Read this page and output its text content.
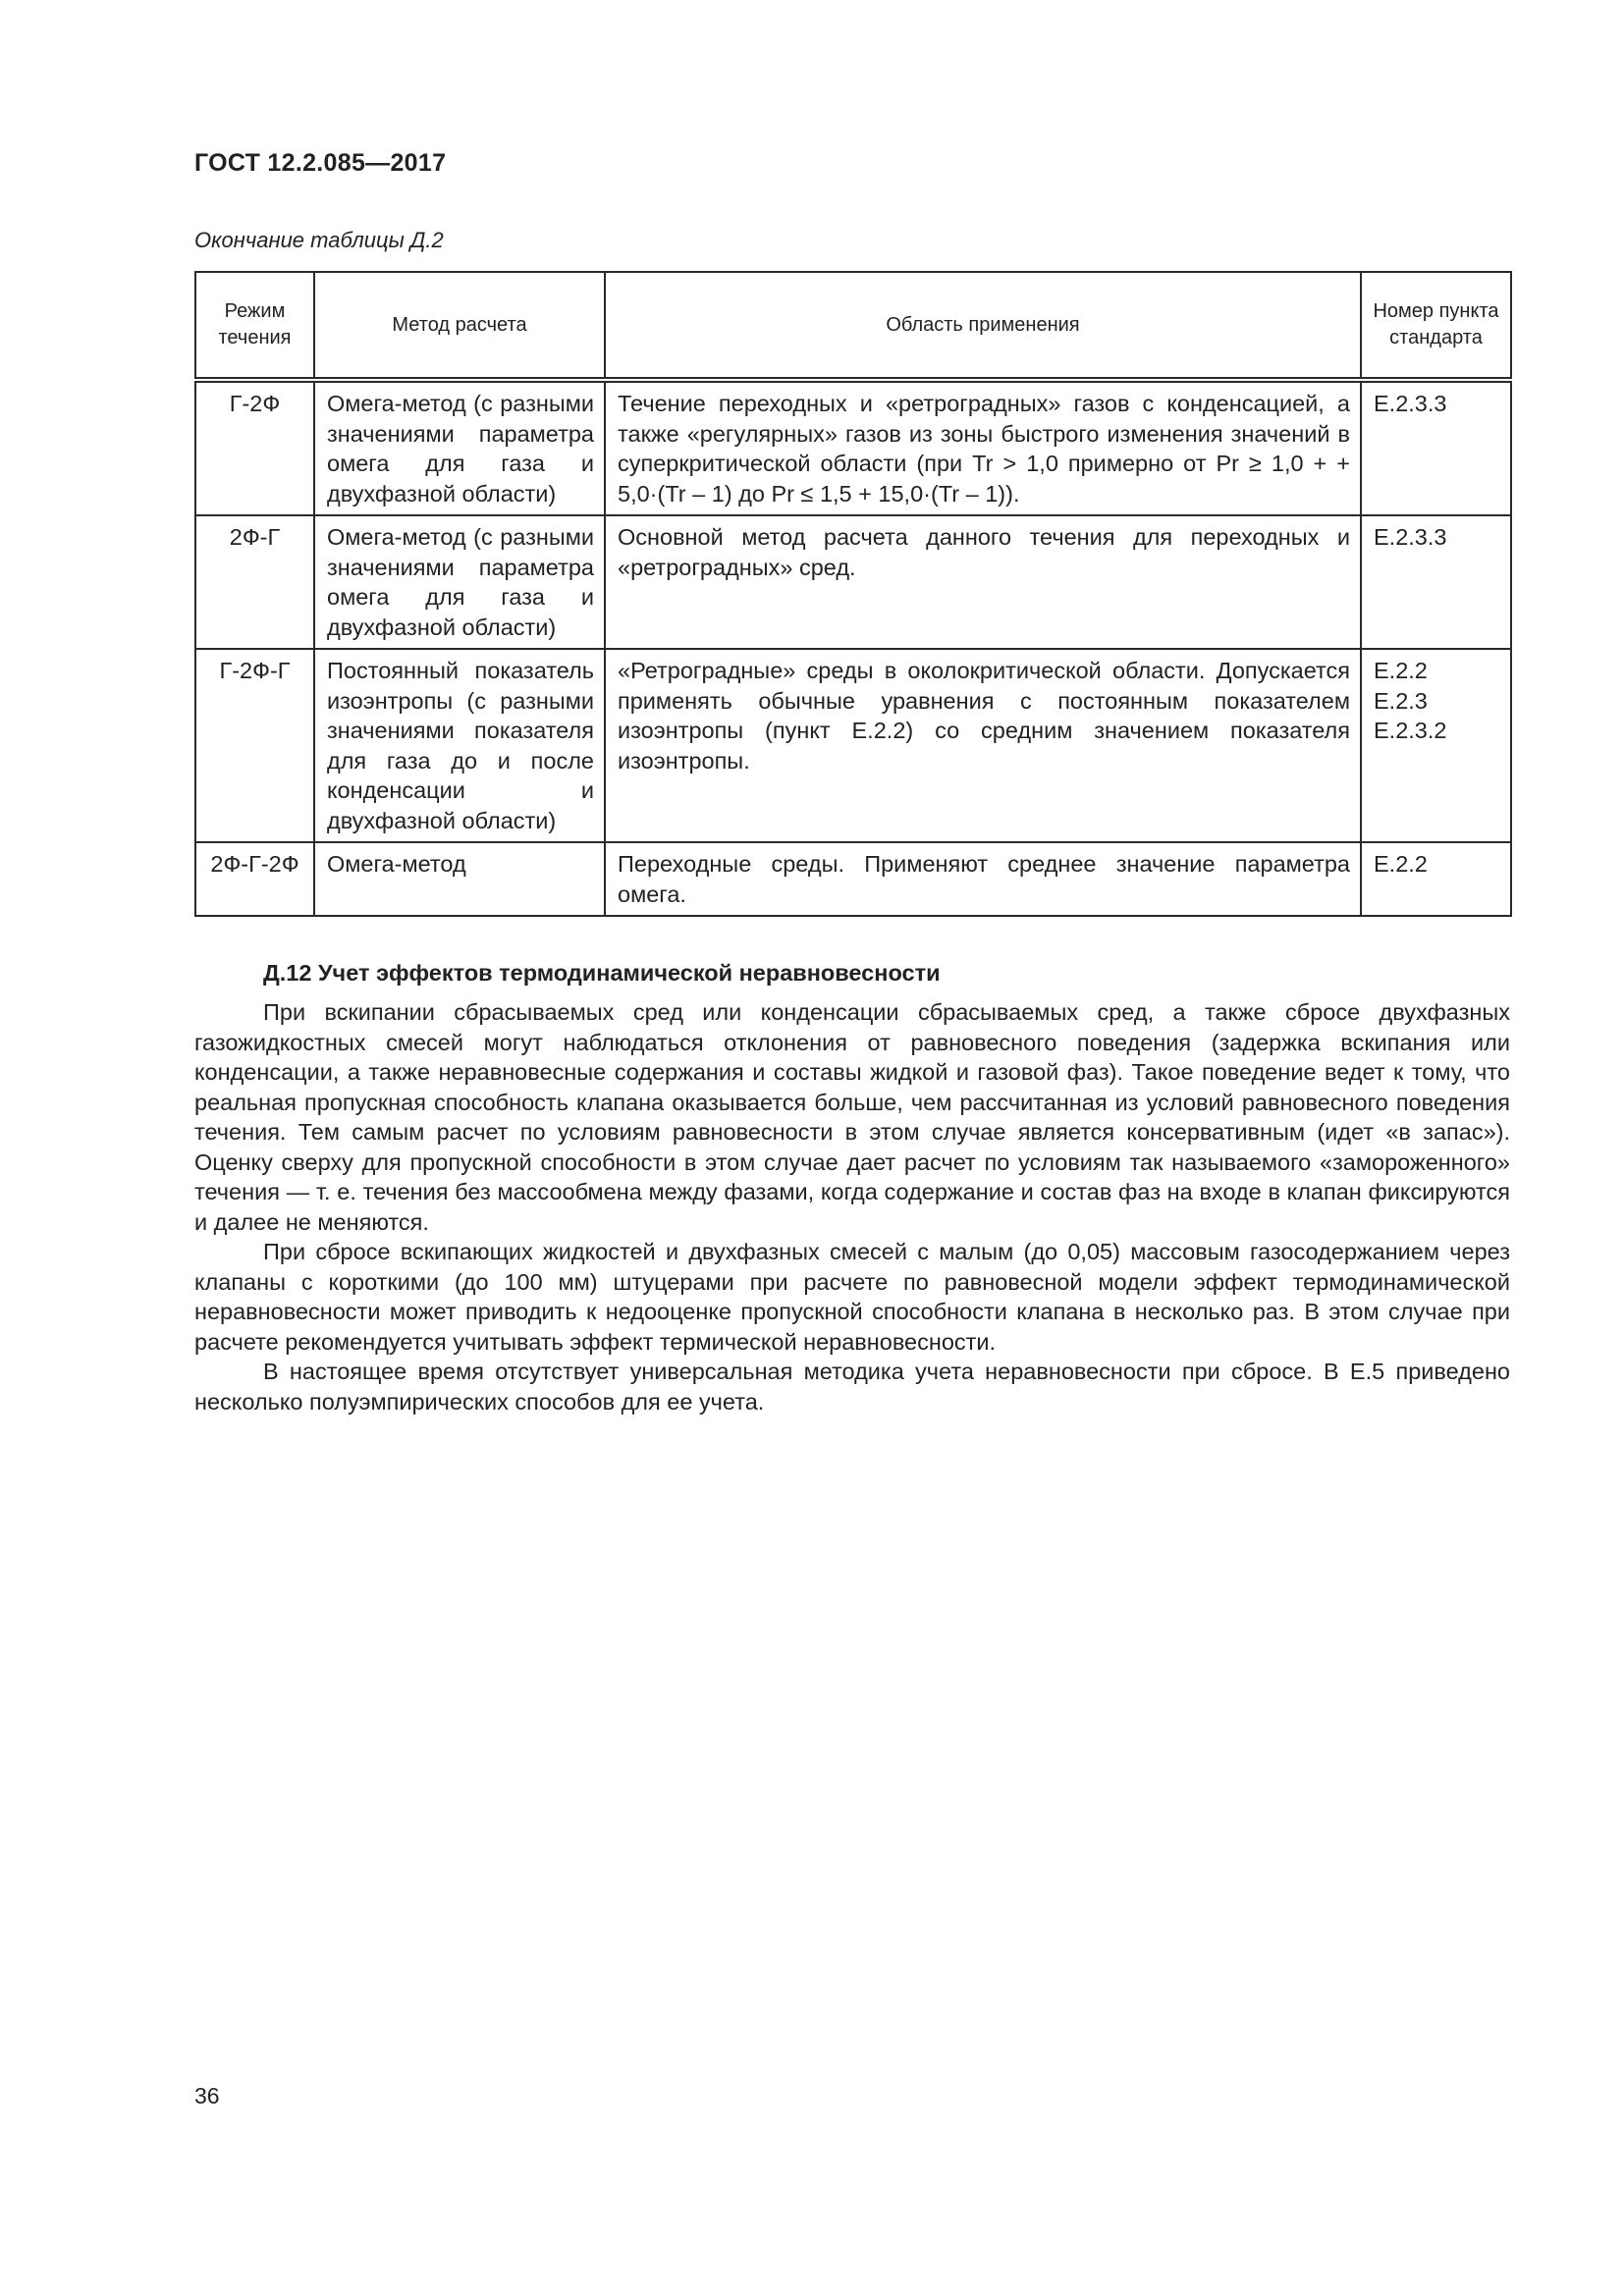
ГОСТ 12.2.085—2017
Окончание таблицы Д.2
Режим течения	Метод расчета	Область применения	Номер пункта стандарта
Г-2Ф	Омега-метод (с разными значениями параметра омега для газа и двухфазной области)	Течение переходных и «ретроградных» газов с конденсацией, а также «регулярных» газов из зоны быстрого изменения значений в суперкритической области (при Tr > 1,0 примерно от Pr ≥ 1,0 + + 5,0·(Tr – 1) до Pr ≤ 1,5 + 15,0·(Tr – 1)).	Е.2.3.3
2Ф-Г	Омега-метод (с разными значениями параметра омега для газа и двухфазной области)	Основной метод расчета данного течения для переходных и «ретроградных» сред.	Е.2.3.3
Г-2Ф-Г	Постоянный показатель изоэнтропы (с разными значениями показателя для газа до и после конденсации и двухфазной области)	«Ретроградные» среды в околокритической области. Допускается применять обычные уравнения с постоянным показателем изоэнтропы (пункт Е.2.2) со средним значением показателя изоэнтропы.	Е.2.2 Е.2.3 Е.2.3.2

2Ф-Г-2Ф	Омега-метод	Переходные среды. Применяют среднее значение параметра омега.	Е.2.2
Д.12 Учет эффектов термодинамической неравновесности

При вскипании сбрасываемых сред или конденсации сбрасываемых сред, а также сбросе двухфазных газожидкостных смесей могут наблюдаться отклонения от равновесного поведения (задержка вскипания или конденсации, а также неравновесные содержания и составы жидкой и газовой фаз). Такое поведение ведет к тому, что реальная пропускная способность клапана оказывается больше, чем рассчитанная из условий равновесного поведения течения. Тем самым расчет по условиям равновесности в этом случае является консервативным (идет «в запас»). Оценку сверху для пропускной способности в этом случае дает расчет по условиям так называемого «замороженного» течения — т. е. течения без массообмена между фазами, когда содержание и состав фаз на входе в клапан фиксируются и далее не меняются.

При сбросе вскипающих жидкостей и двухфазных смесей с малым (до 0,05) массовым газосодержанием через клапаны с короткими (до 100 мм) штуцерами при расчете по равновесной модели эффект термодинамической неравновесности может приводить к недооценке пропускной способности клапана в несколько раз. В этом случае при расчете рекомендуется учитывать эффект термической неравновесности.

В настоящее время отсутствует универсальная методика учета неравновесности при сбросе. В Е.5 приведено несколько полуэмпирических способов для ее учета.

36
